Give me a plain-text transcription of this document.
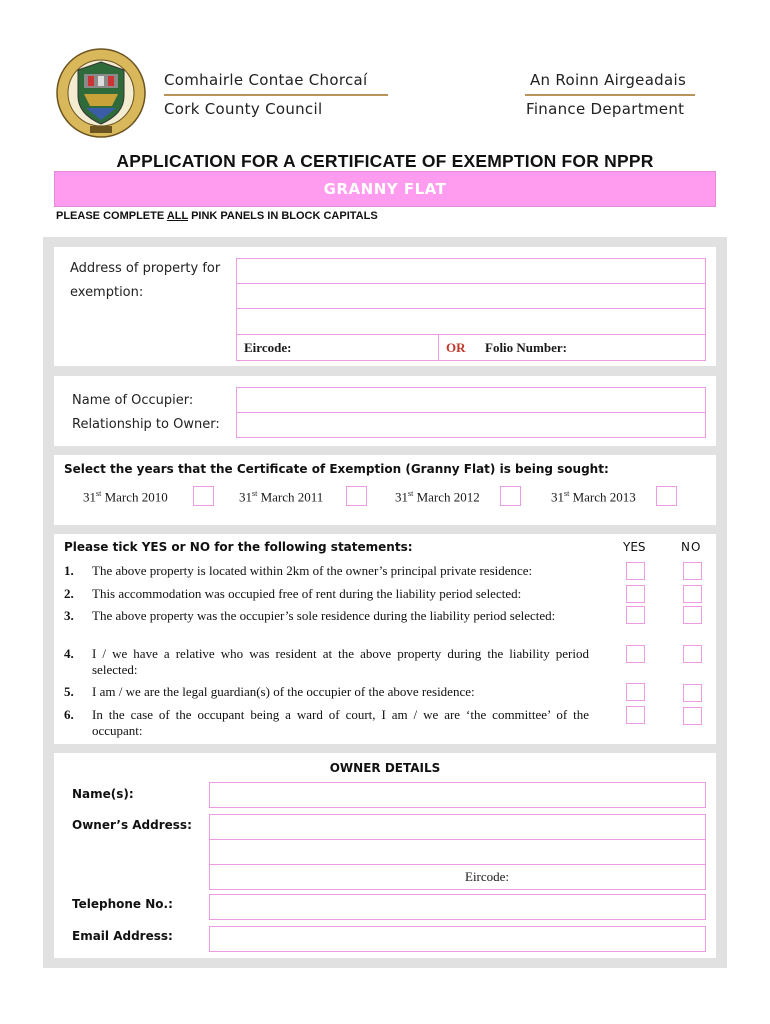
Comhairle Contae Chorcaí
Cork County Council
An Roinn Airgeadais
Finance Department
APPLICATION FOR A CERTIFICATE OF EXEMPTION FOR NPPR
GRANNY FLAT
PLEASE COMPLETE ALL PINK PANELS IN BLOCK CAPITALS
Address of property for
exemption:
Eircode:	OR Folio Number:
Name of Occupier:
Relationship to Owner:
Select the years that the Certificate of Exemption (Granny Flat) is being sought:
31st March 2010	31st March 2011	31st March 2012	31st March 2013
Please tick YES or NO for the following statements:	YES	NO
1. The above property is located within 2km of the owner’s principal private residence:
2. This accommodation was occupied free of rent during the liability period selected:
3. The above property was the occupier’s sole residence during the liability period selected:
4. I / we have a relative who was resident at the above property during the liability period selected:
5. I am / we are the legal guardian(s) of the occupier of the above residence:
6. In the case of the occupant being a ward of court, I am / we are ‘the committee’ of the occupant:
OWNER DETAILS
Name(s):
Owner’s Address:
Eircode:
Telephone No.:
Email Address:
